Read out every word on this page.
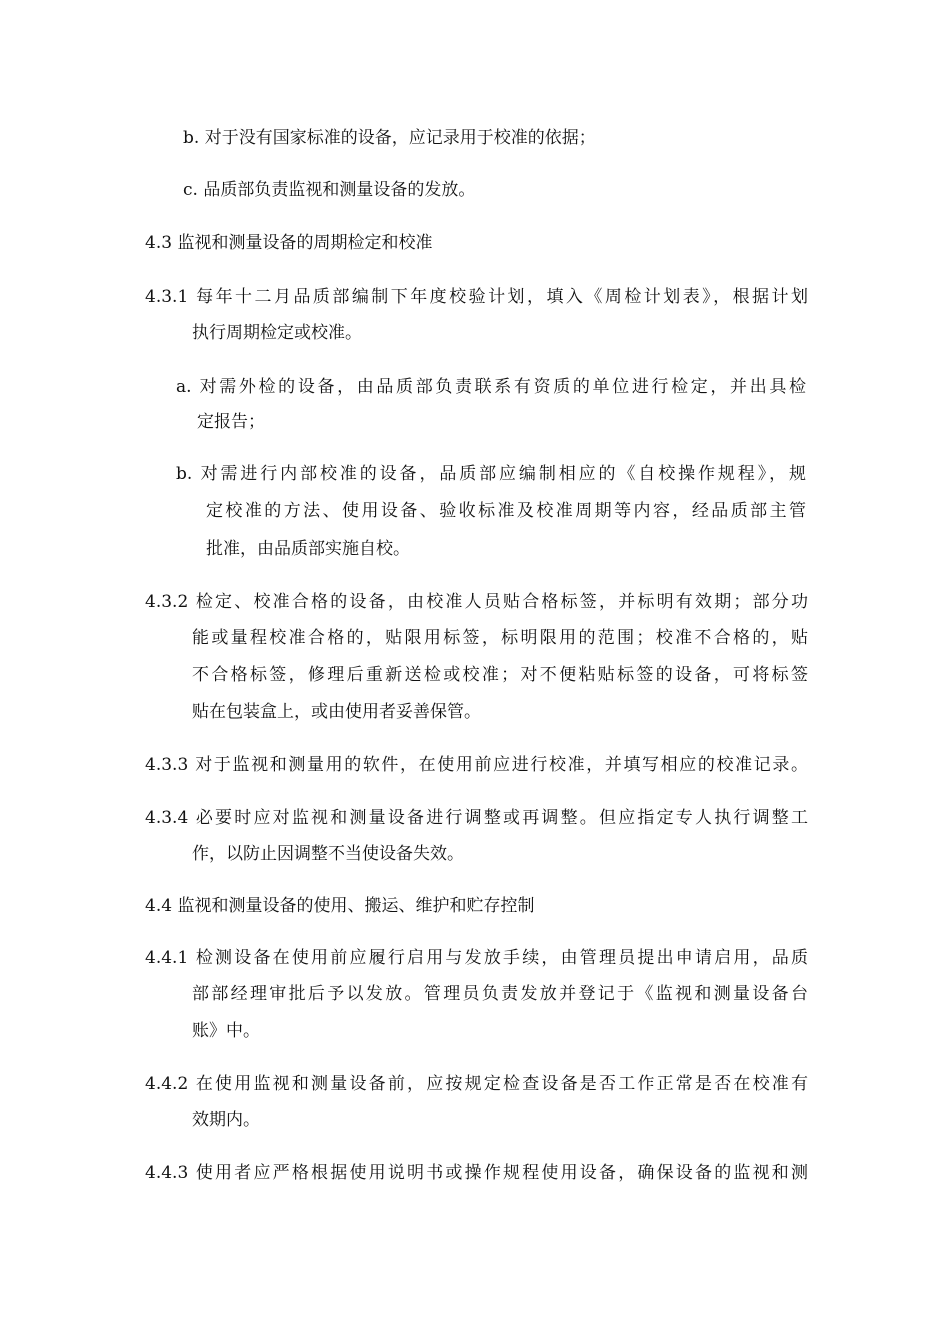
b. 对于没有国家标准的设备，应记录用于校准的依据；
c. 品质部负责监视和测量设备的发放。
4.3 监视和测量设备的周期检定和校准
4.3.1 每年十二月品质部编制下年度校验计划，填入《周检计划表》，根据计划
执行周期检定或校准。
a. 对需外检的设备，由品质部负责联系有资质的单位进行检定，并出具检
定报告；
b. 对需进行内部校准的设备，品质部应编制相应的《自校操作规程》，规
定校准的方法、使用设备、验收标准及校准周期等内容，经品质部主管
批准，由品质部实施自校。
4.3.2 检定、校准合格的设备，由校准人员贴合格标签，并标明有效期；部分功
能或量程校准合格的，贴限用标签，标明限用的范围；校准不合格的，贴
不合格标签，修理后重新送检或校准；对不便粘贴标签的设备，可将标签
贴在包装盒上，或由使用者妥善保管。
4.3.3 对于监视和测量用的软件，在使用前应进行校准，并填写相应的校准记录。
4.3.4 必要时应对监视和测量设备进行调整或再调整。但应指定专人执行调整工
作，以防止因调整不当使设备失效。
4.4 监视和测量设备的使用、搬运、维护和贮存控制
4.4.1 检测设备在使用前应履行启用与发放手续，由管理员提出申请启用，品质
部部经理审批后予以发放。管理员负责发放并登记于《监视和测量设备台
账》中。
4.4.2 在使用监视和测量设备前，应按规定检查设备是否工作正常是否在校准有
效期内。
4.4.3 使用者应严格根据使用说明书或操作规程使用设备，确保设备的监视和测
